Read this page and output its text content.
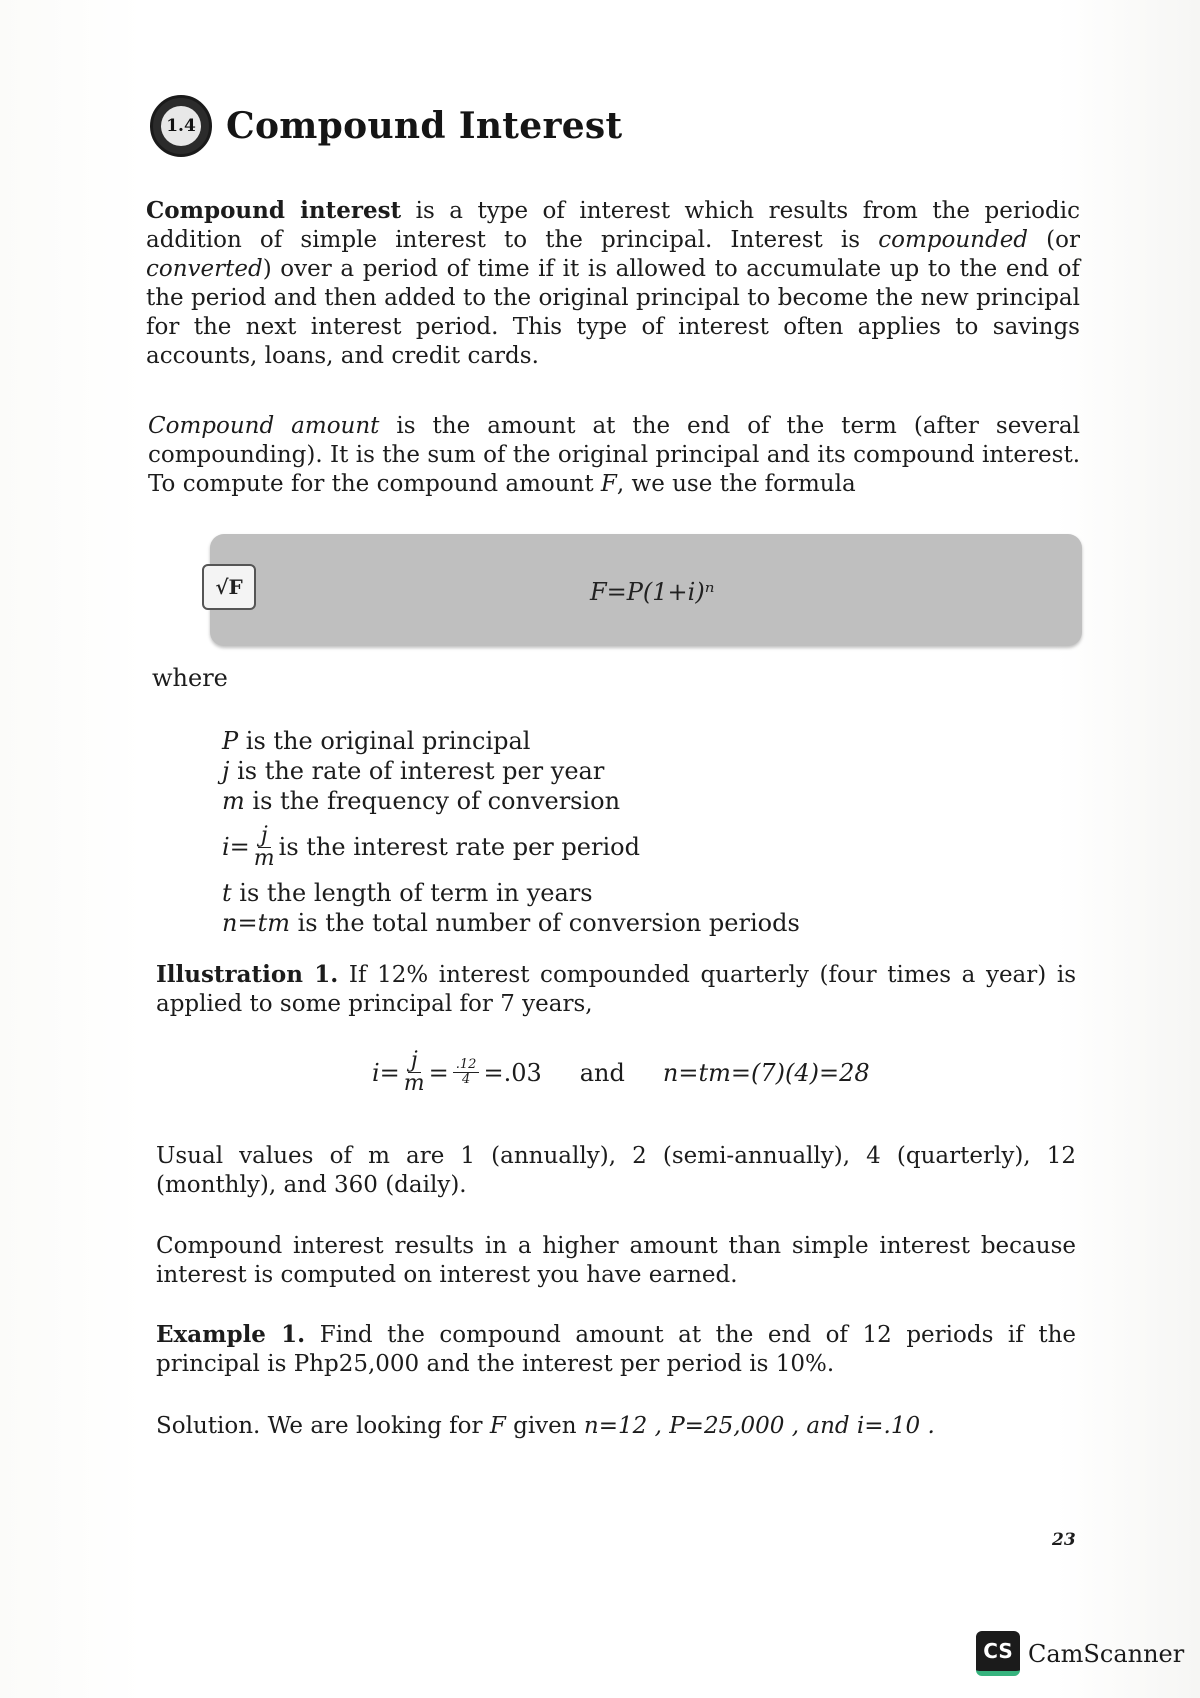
1.4 Compound Interest
Compound interest is a type of interest which results from the periodic addition of simple interest to the principal. Interest is compounded (or converted) over a period of time if it is allowed to accumulate up to the end of the period and then added to the original principal to become the new principal for the next interest period. This type of interest often applies to savings accounts, loans, and credit cards.
Compound amount is the amount at the end of the term (after several compounding). It is the sum of the original principal and its compound interest. To compute for the compound amount F, we use the formula
√F	F=P(1+i)ⁿ
where
P is the original principal
j is the rate of interest per year
m is the frequency of conversion
$i= \frac{j}{m}$ is the interest rate per period
t is the length of term in years
n=tm is the total number of conversion periods
Illustration 1. If 12% interest compounded quarterly (four times a year) is applied to some principal for 7 years,
$i= \frac{j}{m} = \frac{.12}{4} =.03$ and n=tm=(7)(4)=28
Usual values of m are 1 (annually), 2 (semi-annually), 4 (quarterly), 12 (monthly), and 360 (daily).
Compound interest results in a higher amount than simple interest because interest is computed on interest you have earned.
Example 1. Find the compound amount at the end of 12 periods if the principal is Php25,000 and the interest per period is 10%.
Solution. We are looking for F given n=12 , P=25,000 , and i=.10 .
23
CS CamScanner
